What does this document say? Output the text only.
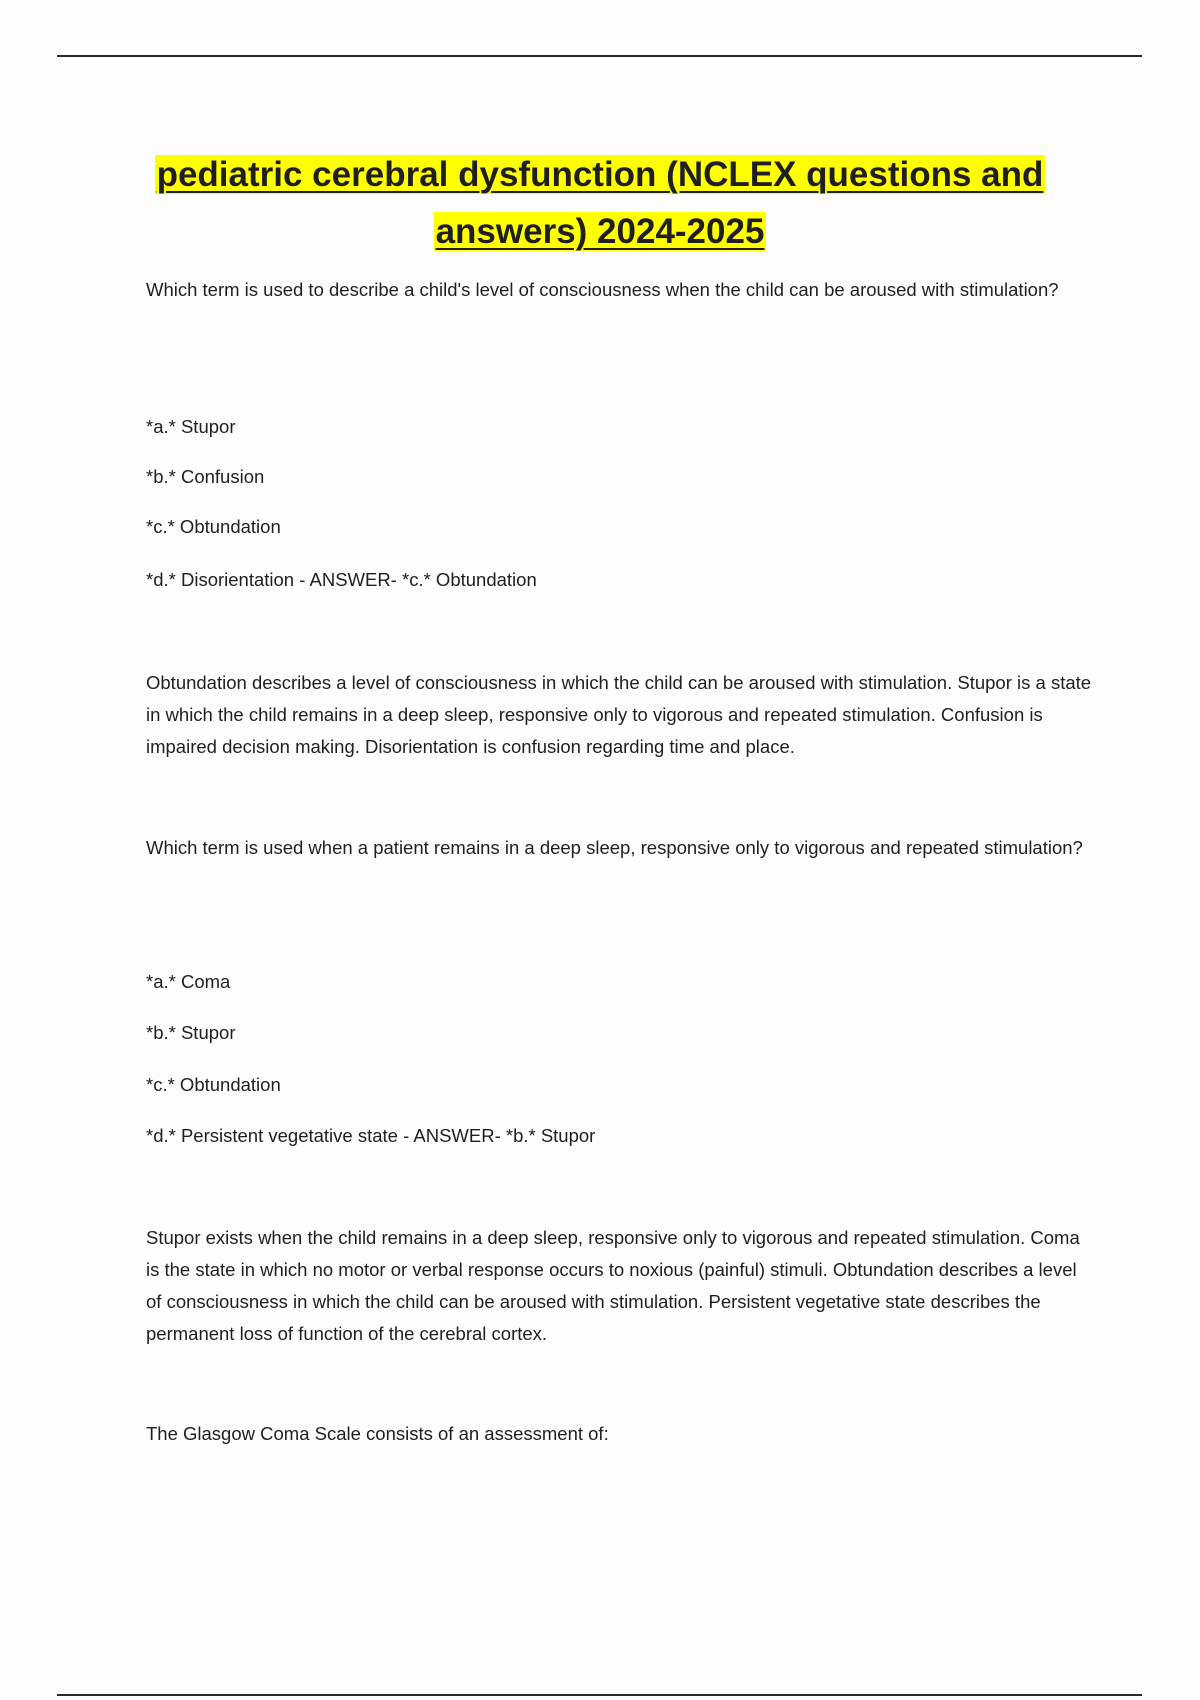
pediatric cerebral dysfunction (NCLEX questions and
answers) 2024-2025

Which term is used to describe a child's level of consciousness when the child can be aroused with stimulation?

*a.* Stupor
*b.* Confusion
*c.* Obtundation
*d.* Disorientation - ANSWER- *c.* Obtundation

Obtundation describes a level of consciousness in which the child can be aroused with stimulation. Stupor is a state in which the child remains in a deep sleep, responsive only to vigorous and repeated stimulation. Confusion is impaired decision making. Disorientation is confusion regarding time and place.

Which term is used when a patient remains in a deep sleep, responsive only to vigorous and repeated stimulation?

*a.* Coma
*b.* Stupor
*c.* Obtundation
*d.* Persistent vegetative state - ANSWER- *b.* Stupor

Stupor exists when the child remains in a deep sleep, responsive only to vigorous and repeated stimulation. Coma is the state in which no motor or verbal response occurs to noxious (painful) stimuli. Obtundation describes a level of consciousness in which the child can be aroused with stimulation. Persistent vegetative state describes the permanent loss of function of the cerebral cortex.

The Glasgow Coma Scale consists of an assessment of:
